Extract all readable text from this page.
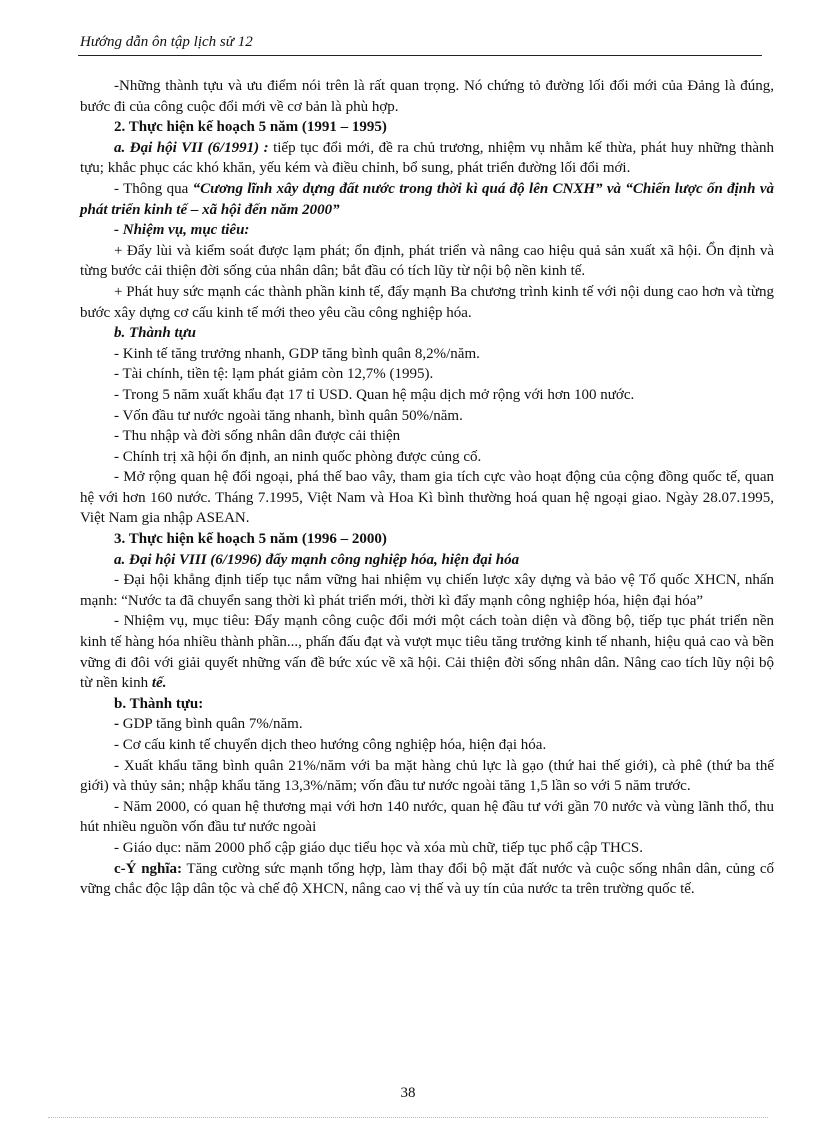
Hướng dẫn ôn tập lịch sử 12

-Những thành tựu và ưu điểm nói trên là rất quan trọng. Nó chứng tỏ đường lối đổi mới của Đảng là đúng, bước đi của công cuộc đổi mới về cơ bản là phù hợp.

2. Thực hiện kế hoạch 5 năm (1991 – 1995)

a. Đại hội VII (6/1991) : tiếp tục đổi mới, đề ra chủ trương, nhiệm vụ nhằm kế thừa, phát huy những thành tựu; khắc phục các khó khăn, yếu kém và điều chỉnh, bổ sung, phát triển đường lối đổi mới.

- Thông qua “Cương lĩnh xây dựng đất nước trong thời kì quá độ lên CNXH” và “Chiến lược ổn định và phát triển kinh tế – xã hội đến năm 2000”

- Nhiệm vụ, mục tiêu:

+ Đẩy lùi và kiểm soát được lạm phát; ổn định, phát triển và nâng cao hiệu quả sản xuất xã hội. Ổn định và từng bước cải thiện đời sống của nhân dân; bắt đầu có tích lũy từ nội bộ nền kinh tế.

+ Phát huy sức mạnh các thành phần kinh tế, đẩy mạnh Ba chương trình kinh tế với nội dung cao hơn và từng bước xây dựng cơ cấu kinh tế mới theo yêu cầu công nghiệp hóa.

b. Thành tựu

- Kinh tế tăng trưởng nhanh, GDP tăng bình quân 8,2%/năm.

- Tài chính, tiền tệ: lạm phát giảm còn 12,7% (1995).

- Trong 5 năm xuất khẩu đạt 17 tỉ USD. Quan hệ mậu dịch mở rộng với hơn 100 nước.

- Vốn đầu tư nước ngoài tăng nhanh, bình quân 50%/năm.

- Thu nhập và đời sống nhân dân được cải thiện

- Chính trị xã hội ổn định, an ninh quốc phòng được củng cố.

- Mở rộng quan hệ đối ngoại, phá thế bao vây, tham gia tích cực vào hoạt động của cộng đồng quốc tế, quan hệ với hơn 160 nước. Tháng 7.1995, Việt Nam và Hoa Kì bình thường hoá quan hệ ngoại giao. Ngày 28.07.1995, Việt Nam gia nhập ASEAN.

3. Thực hiện kế hoạch 5 năm (1996 – 2000)

a. Đại hội VIII (6/1996) đẩy mạnh công nghiệp hóa, hiện đại hóa

- Đại hội khẳng định tiếp tục nắm vững hai nhiệm vụ chiến lược xây dựng và bảo vệ Tổ quốc XHCN, nhấn mạnh: “Nước ta đã chuyển sang thời kì phát triển mới, thời kì đẩy mạnh công nghiệp hóa, hiện đại hóa”

- Nhiệm vụ, mục tiêu: Đẩy mạnh công cuộc đổi mới một cách toàn diện và đồng bộ, tiếp tục phát triển nền kinh tế hàng hóa nhiều thành phần..., phấn đấu đạt và vượt mục tiêu tăng trưởng kinh tế nhanh, hiệu quả cao và bền vững đi đôi với giải quyết những vấn đề bức xúc về xã hội. Cải thiện đời sống nhân dân. Nâng cao tích lũy nội bộ từ nền kinh tế.

b. Thành tựu:

- GDP tăng bình quân 7%/năm.

- Cơ cấu kinh tế chuyển dịch theo hướng công nghiệp hóa, hiện đại hóa.

- Xuất khẩu tăng bình quân 21%/năm với ba mặt hàng chủ lực là gạo (thứ hai thế giới), cà phê (thứ ba thế giới) và thủy sản; nhập khẩu tăng 13,3%/năm; vốn đầu tư nước ngoài tăng 1,5 lần so với 5 năm trước.

- Năm 2000, có quan hệ thương mại với hơn 140 nước, quan hệ đầu tư với gần 70 nước và vùng lãnh thổ, thu hút nhiều nguồn vốn đầu tư nước ngoài

- Giáo dục: năm 2000 phổ cập giáo dục tiểu học và xóa mù chữ, tiếp tục phổ cập THCS.

c-Ý nghĩa: Tăng cường sức mạnh tổng hợp, làm thay đổi bộ mặt đất nước và cuộc sống nhân dân, củng cố vững chắc độc lập dân tộc và chế độ XHCN, nâng cao vị thế và uy tín của nước ta trên trường quốc tế.

38
